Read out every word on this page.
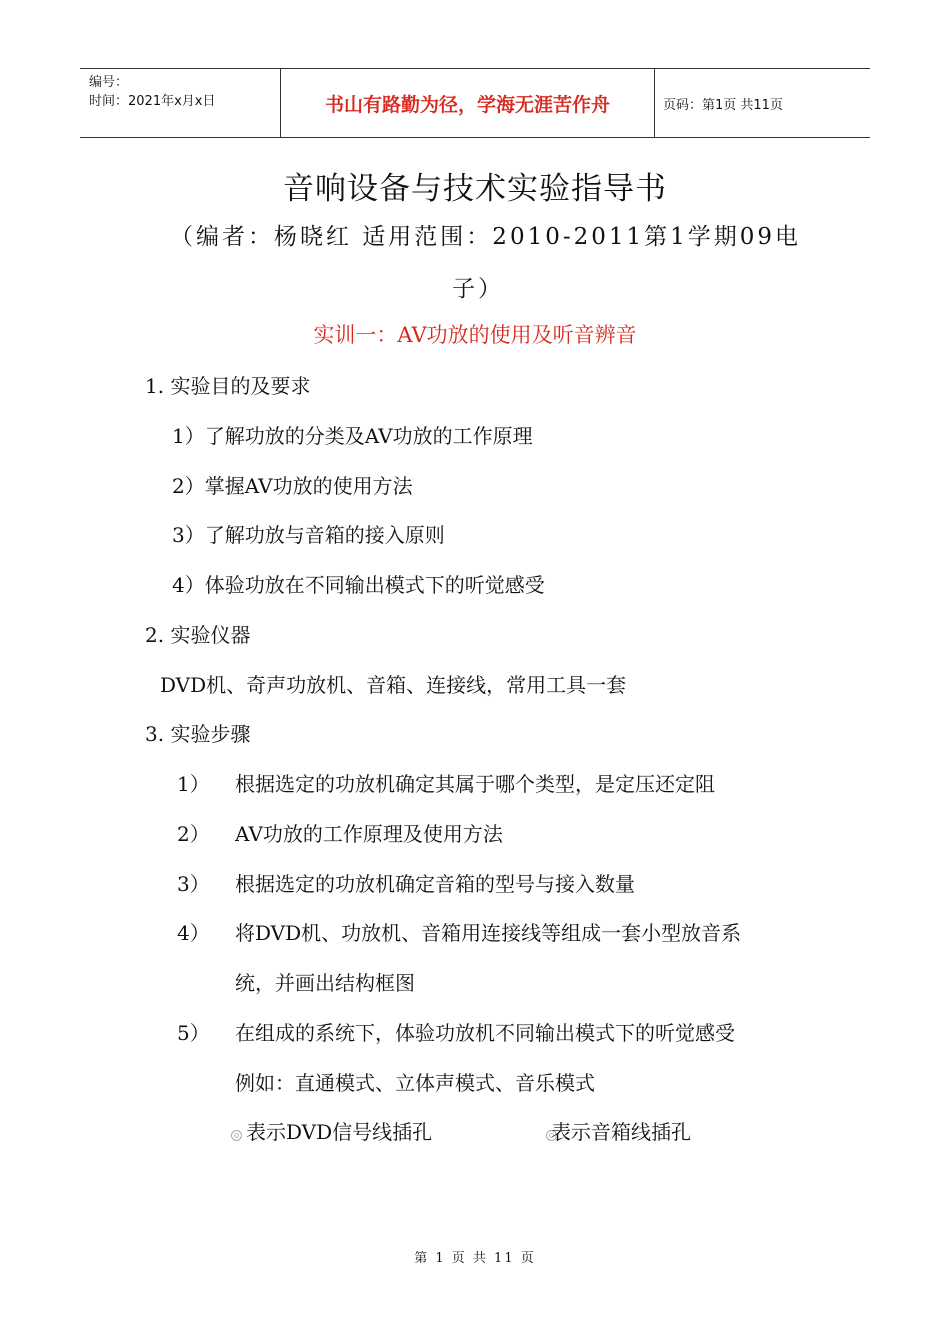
编号：
时间：2021年x月x日	书山有路勤为径，学海无涯苦作舟	页码：第1页 共11页
音响设备与技术实验指导书
（编者：杨晓红 适用范围：2010-2011第1学期09电
子）
实训一：AV功放的使用及听音辨音
1. 实验目的及要求
1）了解功放的分类及AV功放的工作原理
2）掌握AV功放的使用方法
3）了解功放与音箱的接入原则
4）体验功放在不同输出模式下的听觉感受
2. 实验仪器
DVD机、奇声功放机、音箱、连接线，常用工具一套
3. 实验步骤
1） 根据选定的功放机确定其属于哪个类型，是定压还定阻
2） AV功放的工作原理及使用方法
3） 根据选定的功放机确定音箱的型号与接入数量
4） 将DVD机、功放机、音箱用连接线等组成一套小型放音系
统，并画出结构框图
5） 在组成的系统下，体验功放机不同输出模式下的听觉感受
例如：直通模式、立体声模式、音乐模式
表示DVD信号线插孔	表示音箱线插孔
第 1 页 共 11 页
